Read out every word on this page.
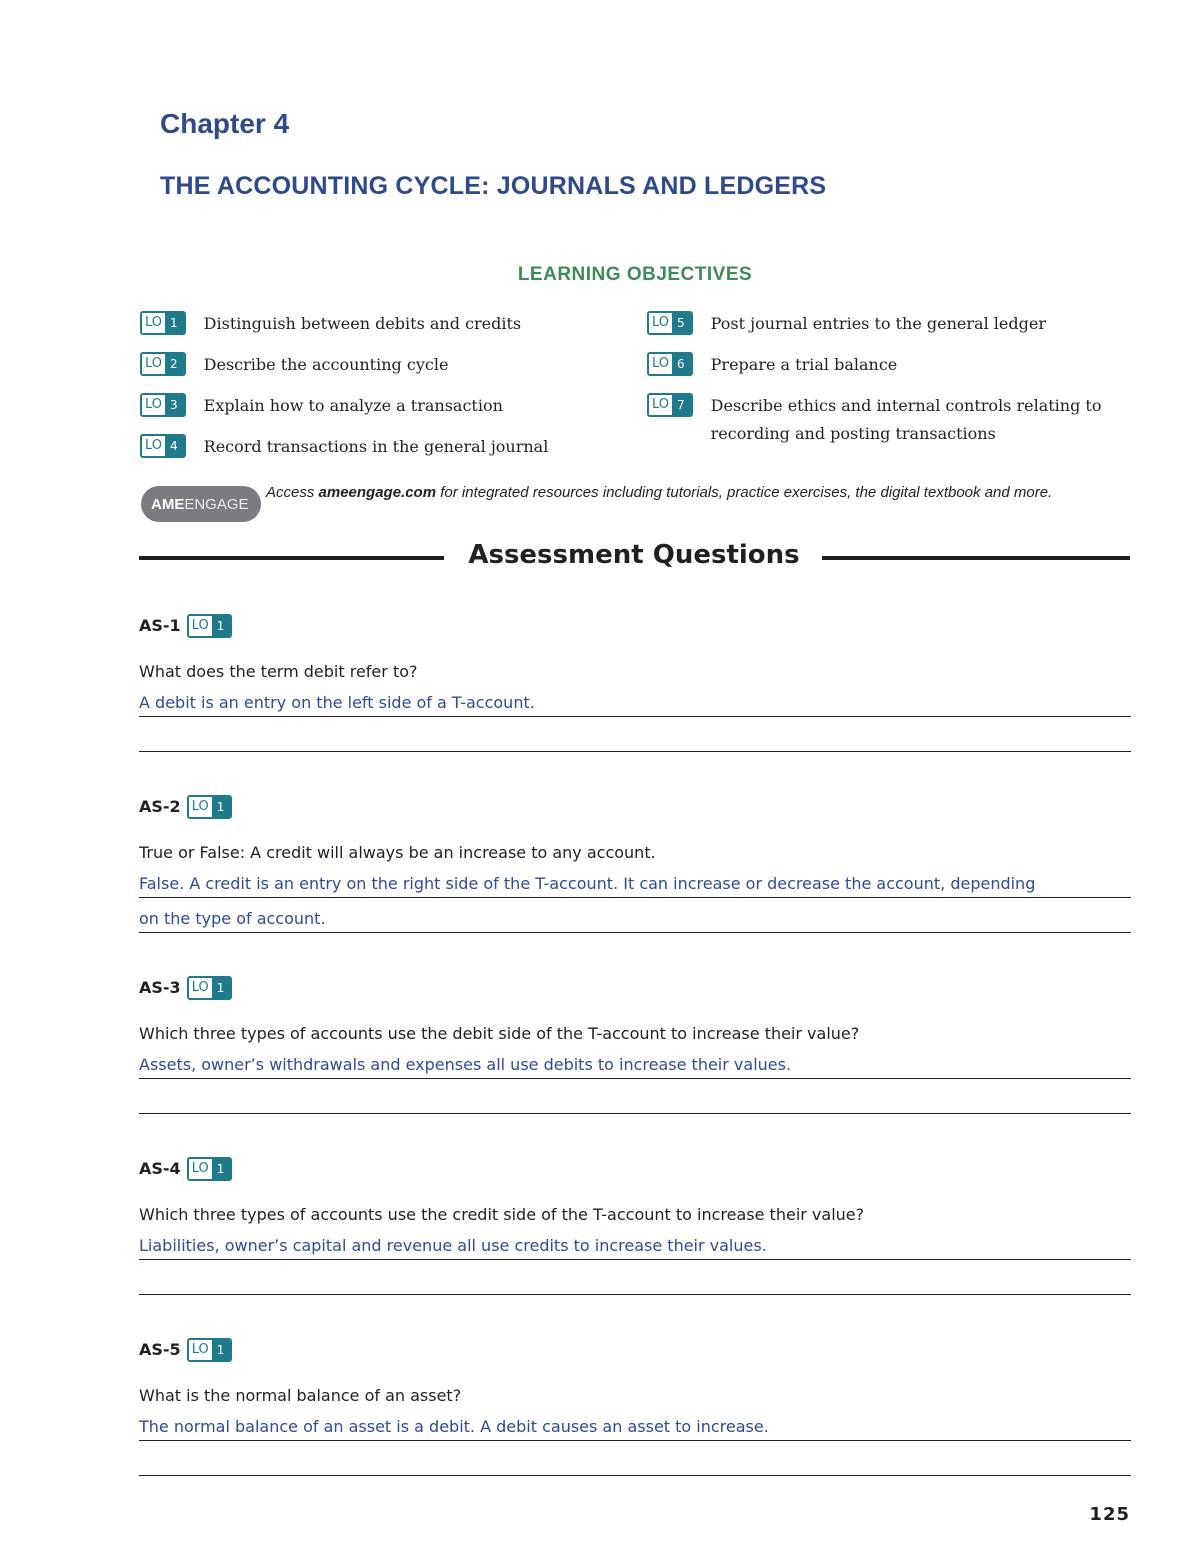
Chapter 4
THE ACCOUNTING CYCLE: JOURNALS AND LEDGERS
LEARNING OBJECTIVES
LO 1	Distinguish between debits and credits
LO 2	Describe the accounting cycle
LO 3	Explain how to analyze a transaction
LO 4	Record transactions in the general journal
LO 5	Post journal entries to the general ledger
LO 6	Prepare a trial balance
LO 7	Describe ethics and internal controls relating to recording and posting transactions
AME ENGAGE
Access ameengage.com for integrated resources including tutorials, practice exercises, the digital textbook and more.
Assessment Questions
AS-1 LO 1
What does the term debit refer to?
A debit is an entry on the left side of a T-account.
AS-2 LO 1
True or False: A credit will always be an increase to any account.
False. A credit is an entry on the right side of the T-account. It can increase or decrease the account, depending
on the type of account.
AS-3 LO 1
Which three types of accounts use the debit side of the T-account to increase their value?
Assets, owner’s withdrawals and expenses all use debits to increase their values.
AS-4 LO 1
Which three types of accounts use the credit side of the T-account to increase their value?
Liabilities, owner’s capital and revenue all use credits to increase their values.
AS-5 LO 1
What is the normal balance of an asset?
The normal balance of an asset is a debit. A debit causes an asset to increase.
125
